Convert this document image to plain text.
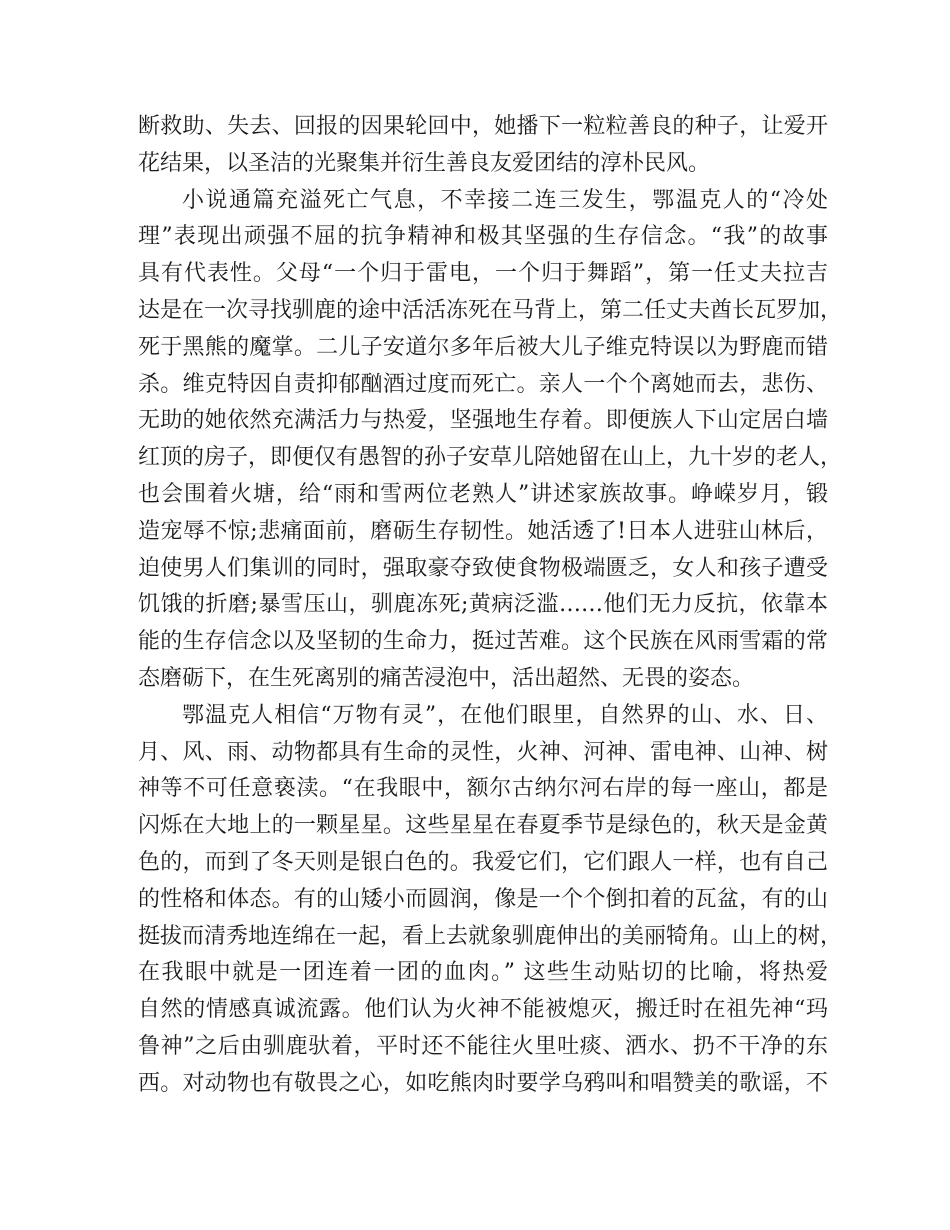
断救助、失去、回报的因果轮回中，她播下一粒粒善良的种子，让爱开
花结果，以圣洁的光聚集并衍生善良友爱团结的淳朴民风。
小说通篇充溢死亡气息，不幸接二连三发生，鄂温克人的“冷处
理”表现出顽强不屈的抗争精神和极其坚强的生存信念。“我”的故事
具有代表性。父母“一个归于雷电，一个归于舞蹈”，第一任丈夫拉吉
达是在一次寻找驯鹿的途中活活冻死在马背上，第二任丈夫酋长瓦罗加，
死于黑熊的魔掌。二儿子安道尔多年后被大儿子维克特误以为野鹿而错
杀。维克特因自责抑郁酗酒过度而死亡。亲人一个个离她而去，悲伤、
无助的她依然充满活力与热爱，坚强地生存着。即便族人下山定居白墙
红顶的房子，即便仅有愚智的孙子安草儿陪她留在山上，九十岁的老人，
也会围着火塘，给“雨和雪两位老熟人”讲述家族故事。峥嵘岁月，锻
造宠辱不惊;悲痛面前，磨砺生存韧性。她活透了!日本人进驻山林后，
迫使男人们集训的同时，强取豪夺致使食物极端匮乏，女人和孩子遭受
饥饿的折磨;暴雪压山，驯鹿冻死;黄病泛滥……他们无力反抗，依靠本
能的生存信念以及坚韧的生命力，挺过苦难。这个民族在风雨雪霜的常
态磨砺下，在生死离别的痛苦浸泡中，活出超然、无畏的姿态。
鄂温克人相信“万物有灵”，在他们眼里，自然界的山、水、日、
月、风、雨、动物都具有生命的灵性，火神、河神、雷电神、山神、树
神等不可任意亵渎。“在我眼中，额尔古纳尔河右岸的每一座山，都是
闪烁在大地上的一颗星星。这些星星在春夏季节是绿色的，秋天是金黄
色的，而到了冬天则是银白色的。我爱它们，它们跟人一样，也有自己
的性格和体态。有的山矮小而圆润，像是一个个倒扣着的瓦盆，有的山
挺拔而清秀地连绵在一起，看上去就象驯鹿伸出的美丽犄角。山上的树，
在我眼中就是一团连着一团的血肉。” 这些生动贴切的比喻，将热爱
自然的情感真诚流露。他们认为火神不能被熄灭，搬迁时在祖先神“玛
鲁神”之后由驯鹿驮着，平时还不能往火里吐痰、洒水、扔不干净的东
西。对动物也有敬畏之心，如吃熊肉时要学乌鸦叫和唱赞美的歌谣，不
